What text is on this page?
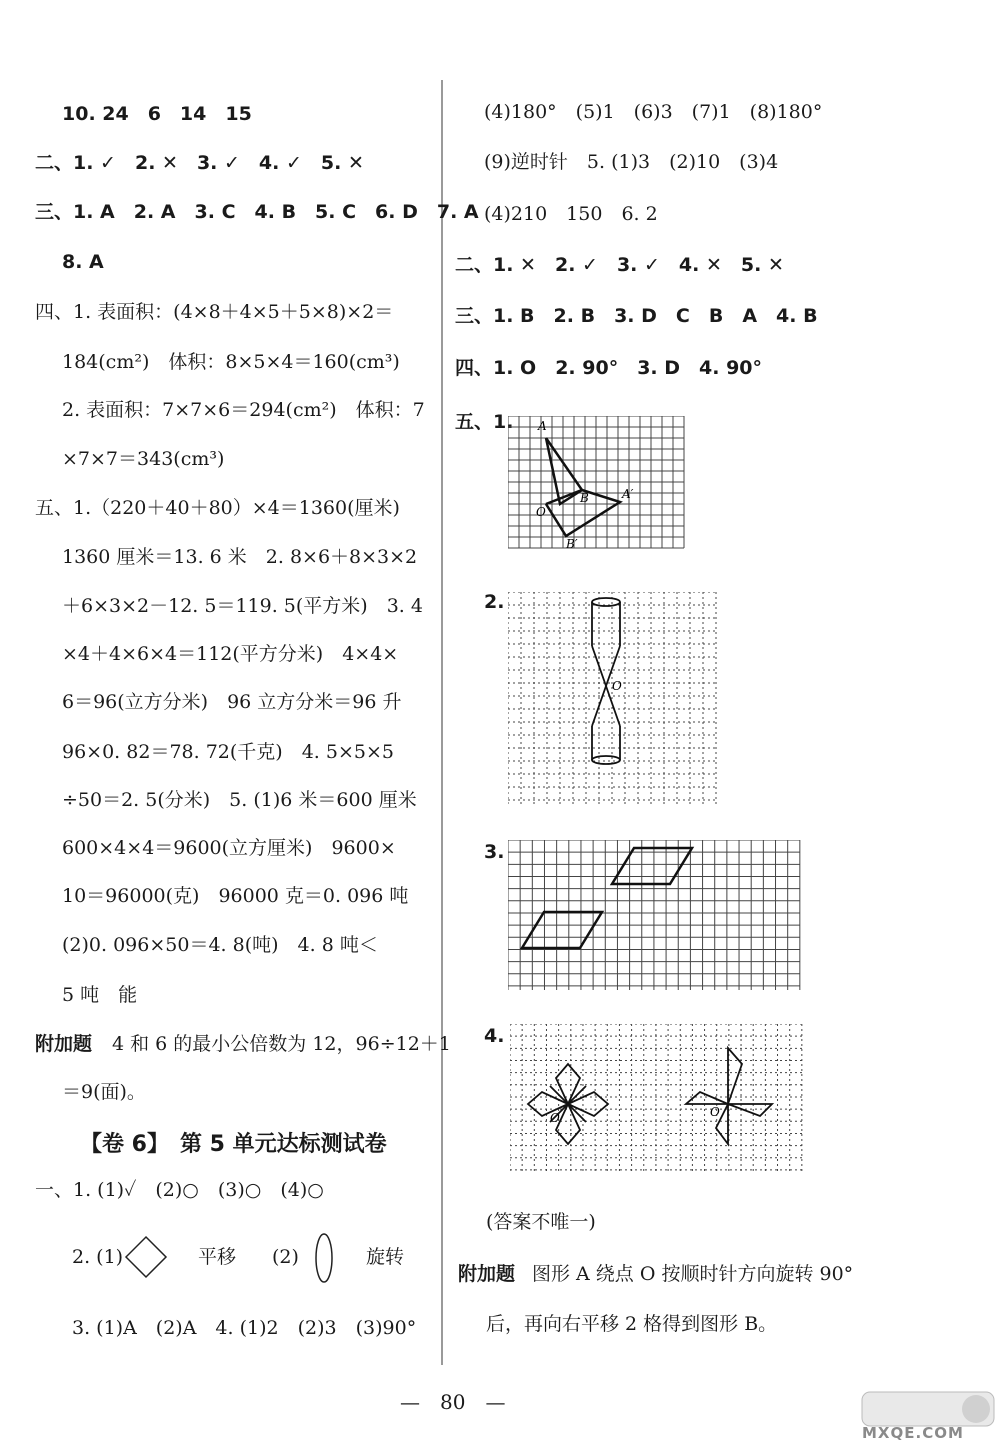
10. 24　6　14　15
二、1. ✓　2. ✕　3. ✓　4. ✓　5. ✕
三、1. A　2. A　3. C　4. B　5. C　6. D　7. A
8. A
四、1. 表面积：(4×8＋4×5＋5×8)×2＝
184(cm²)　体积：8×5×4＝160(cm³)
2. 表面积：7×7×6＝294(cm²)　体积：7
×7×7＝343(cm³)
五、1.（220＋40＋80）×4＝1360(厘米)
1360 厘米＝13. 6 米　2. 8×6＋8×3×2
＋6×3×2－12. 5＝119. 5(平方米)　3. 4
×4＋4×6×4＝112(平方分米)　4×4×
6＝96(立方分米)　96 立方分米＝96 升
96×0. 82＝78. 72(千克)　4. 5×5×5
÷50＝2. 5(分米)　5. (1)6 米＝600 厘米
600×4×4＝9600(立方厘米)　9600×
10＝96000(克)　96000 克＝0. 096 吨
(2)0. 096×50＝4. 8(吨)　4. 8 吨＜
5 吨　能
附加题 4 和 6 的最小公倍数为 12，96÷12＋1
＝9(面)。
【卷 6】　第 5 单元达标测试卷
一、1. (1)✓　(2)○　(3)○　(4)○
2. (1)	平移 (2)	旋转
3. (1)A　(2)A　4. (1)2　(2)3　(3)90°
(4)180°　(5)1　(6)3　(7)1　(8)180°
(9)逆时针　5. (1)3　(2)10　(3)4
(4)210　150　6. 2
二、1. ✕　2. ✓　3. ✓　4. ✕　5. ✕
三、1. B　2. B　3. D　C　B　A　4. B
四、1. O　2. 90°　3. D　4. 90°
五、1.
2.
3.
4.
(答案不唯一)
附加题 图形 A 绕点 O 按顺时针方向旋转 90°
后，再向右平移 2 格得到图形 B。
A
B	A′
B′
O
O
O	O
—　80　—
MXQE.COM
